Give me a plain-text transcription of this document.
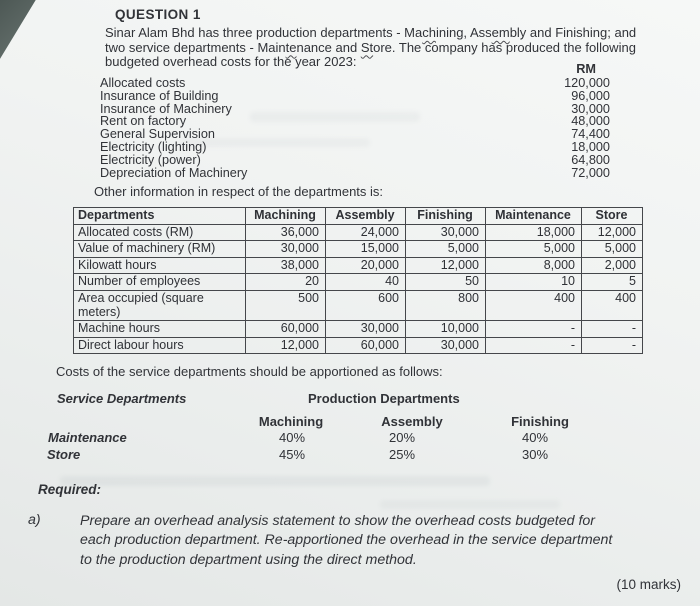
QUESTION 1
Sinar Alam Bhd has three production departments - Machining, Assembly and Finishing; and
two service departments - Maintenance and Store. The company has produced the following
budgeted overhead costs for the year 2023:	RM
Allocated costs	120,000
Insurance of Building	96,000
Insurance of Machinery	30,000
Rent on factory	48,000
General Supervision	74,400
Electricity (lighting)	18,000
Electricity (power)	64,800
Depreciation of Machinery	72,000
Other information in respect of the departments is:
Departments	Machining	Assembly	Finishing	Maintenance	Store
Allocated costs (RM)	36,000	24,000	30,000	18,000	12,000
Value of machinery (RM)	30,000	15,000	5,000	5,000	5,000
Kilowatt hours	38,000	20,000	12,000	8,000	2,000
Number of employees	20	40	50	10	5
Area occupied (square meters)	500	600	800	400	400
Machine hours	60,000	30,000	10,000	-	-
Direct labour hours	12,000	60,000	30,000	-	-
Costs of the service departments should be apportioned as follows:
Service Departments	Production Departments
Machining	Assembly	Finishing
Maintenance	40%	20%	40%
Store	45%	25%	30%
Required:
a)	Prepare an overhead analysis statement to show the overhead costs budgeted for
each production department. Re-apportioned the overhead in the service department
to the production department using the direct method.
(10 marks)
